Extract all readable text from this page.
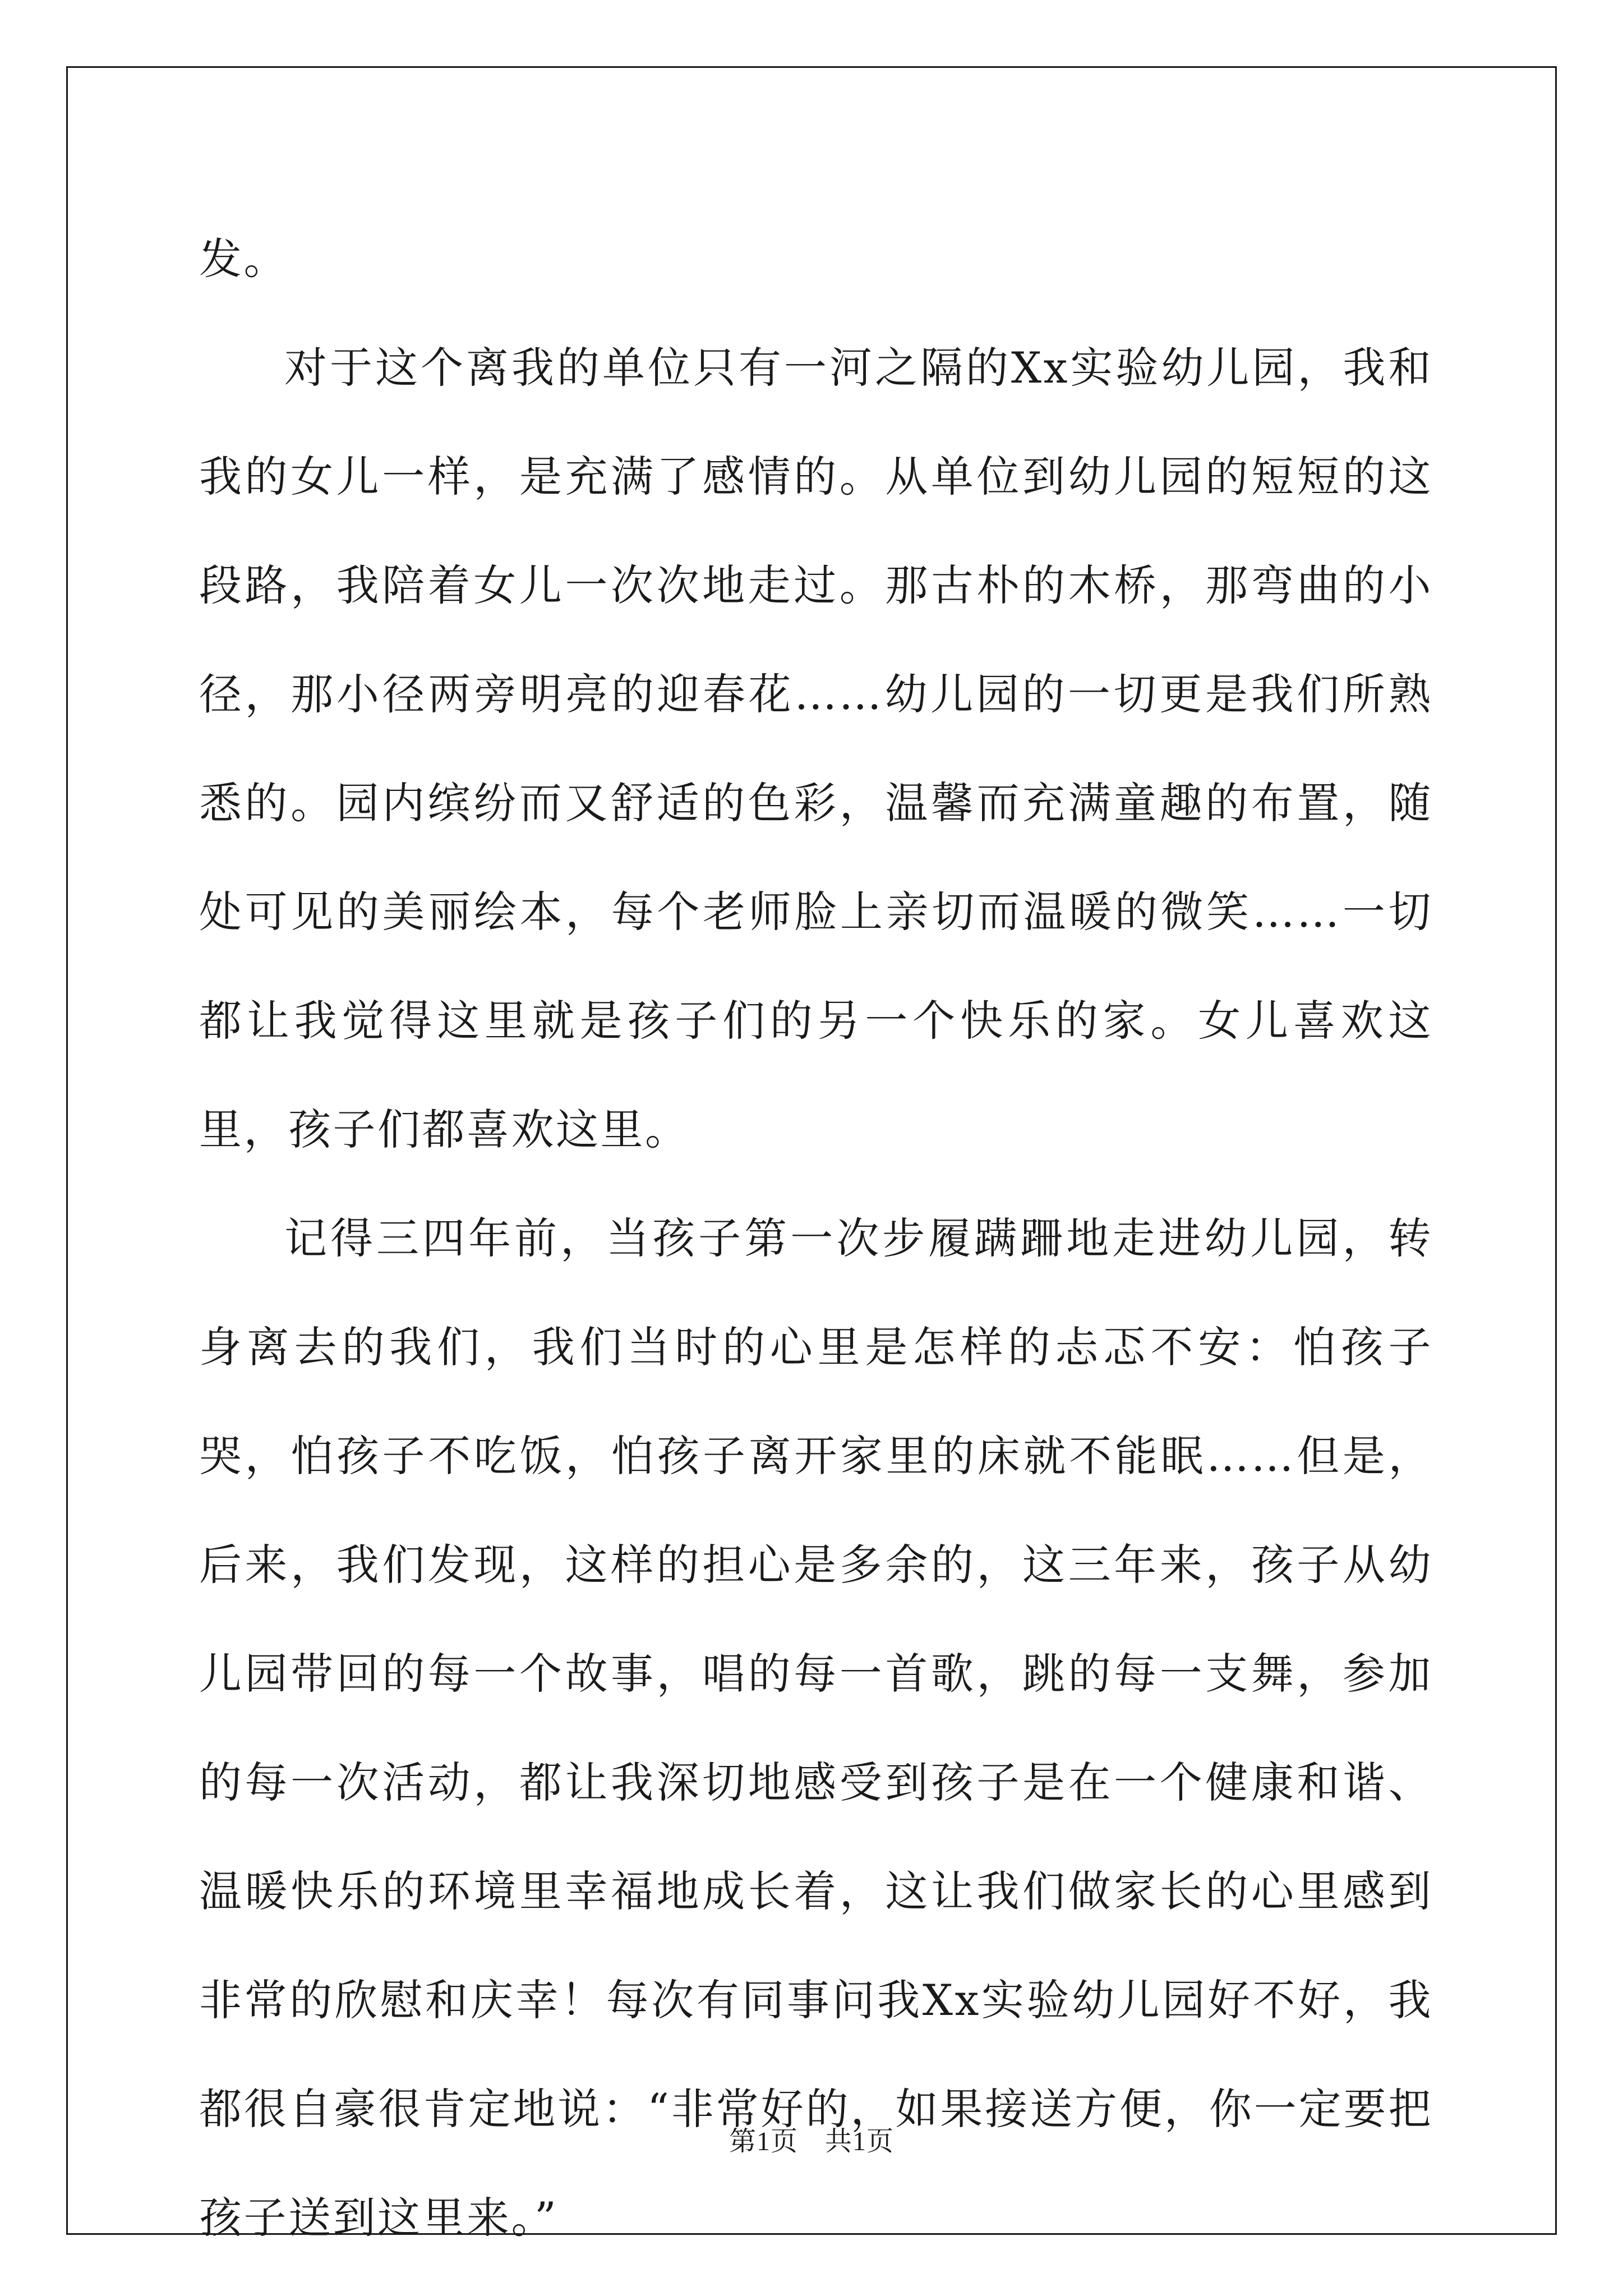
发。

对于这个离我的单位只有一河之隔的Xx实验幼儿园，我和我的女儿一样，是充满了感情的。从单位到幼儿园的短短的这段路，我陪着女儿一次次地走过。那古朴的木桥，那弯曲的小径，那小径两旁明亮的迎春花……幼儿园的一切更是我们所熟悉的。园内缤纷而又舒适的色彩，温馨而充满童趣的布置，随处可见的美丽绘本，每个老师脸上亲切而温暖的微笑……一切都让我觉得这里就是孩子们的另一个快乐的家。女儿喜欢这里，孩子们都喜欢这里。

记得三四年前，当孩子第一次步履蹒跚地走进幼儿园，转身离去的我们，我们当时的心里是怎样的忐忑不安：怕孩子哭，怕孩子不吃饭，怕孩子离开家里的床就不能眠……但是，后来，我们发现，这样的担心是多余的，这三年来，孩子从幼儿园带回的每一个故事，唱的每一首歌，跳的每一支舞，参加的每一次活动，都让我深切地感受到孩子是在一个健康和谐、温暖快乐的环境里幸福地成长着，这让我们做家长的心里感到非常的欣慰和庆幸！每次有同事问我Xx实验幼儿园好不好，我都很自豪很肯定地说：“非常好的，如果接送方便，你一定要把孩子送到这里来。”

第1页 共1页
